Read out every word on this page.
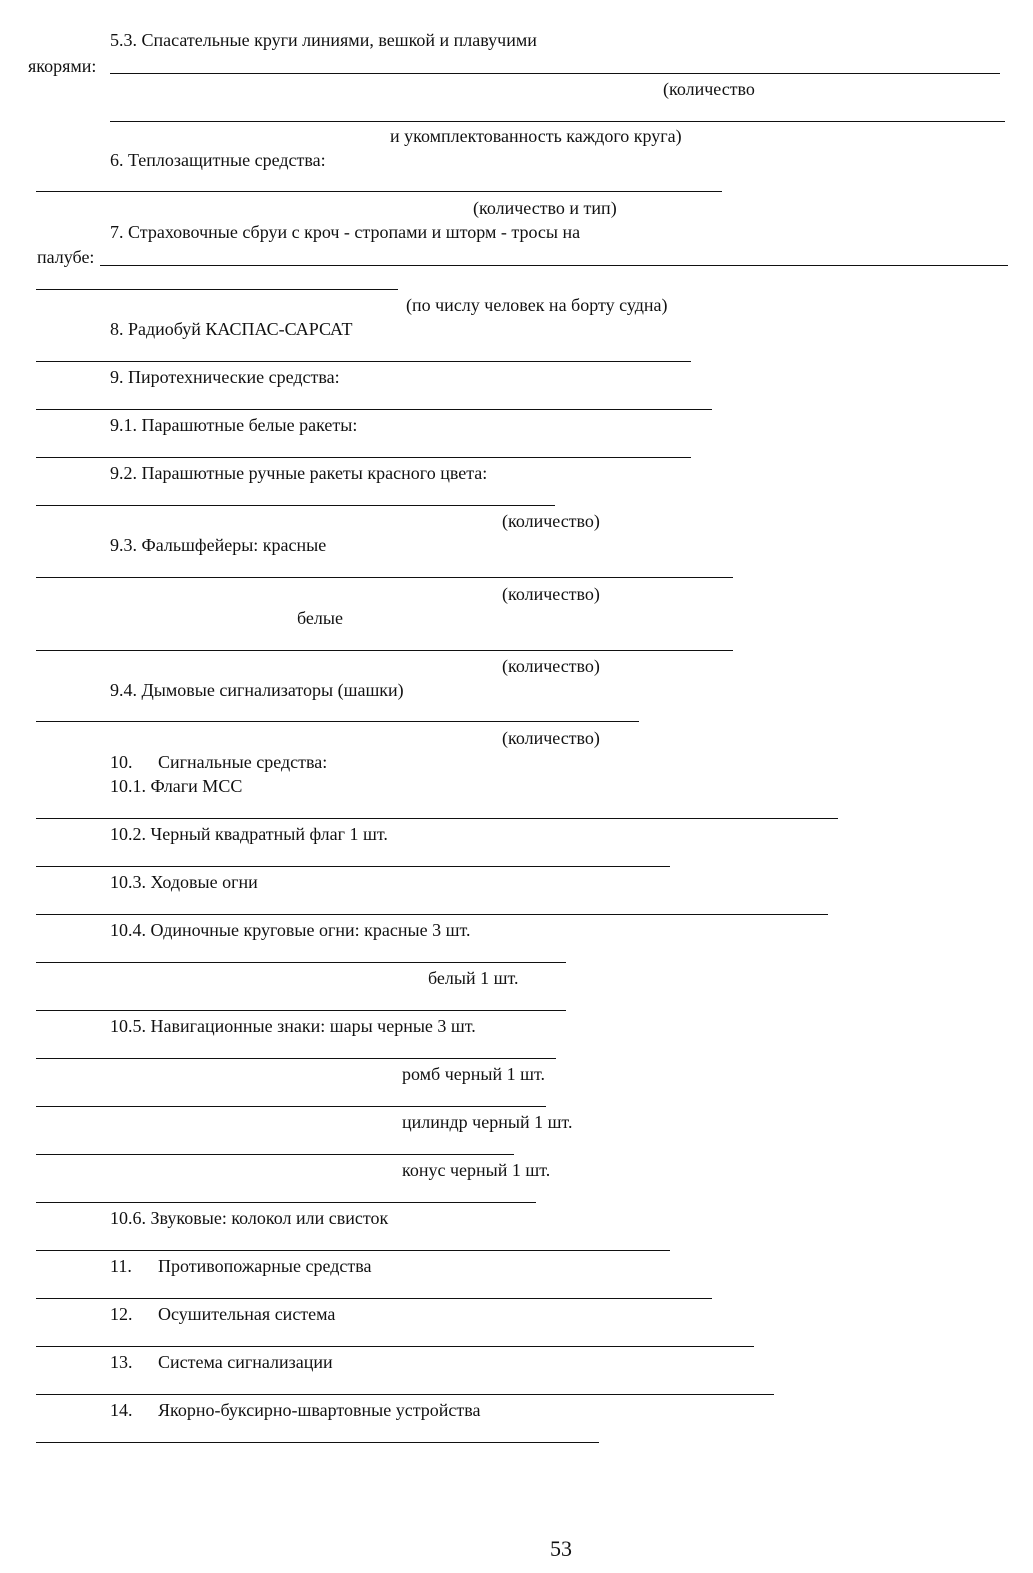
5.3. Спасательные круги линиями, вешкой и плавучими
якорями:
(количество
и укомплектованность каждого круга)
6. Теплозащитные средства:
(количество и тип)
7. Страховочные сбруи с кроч - стропами и шторм - тросы на
палубе:
(по числу человек на борту судна)
8. Радиобуй КАСПАС-САРСАТ
9. Пиротехнические средства:
9.1. Парашютные белые ракеты:
9.2. Парашютные ручные ракеты красного цвета:
(количество)
9.3. Фальшфейеры: красные
(количество)
белые
(количество)
9.4. Дымовые сигнализаторы (шашки)
(количество)
10. Сигнальные средства:
10.1. Флаги МСС
10.2. Черный квадратный флаг 1 шт.
10.3. Ходовые огни
10.4. Одиночные круговые огни: красные 3 шт.
белый 1 шт.
10.5. Навигационные знаки: шары черные 3 шт.
ромб черный 1 шт.
цилиндр черный 1 шт.
конус черный 1 шт.
10.6. Звуковые: колокол или свисток
11. Противопожарные средства
12. Осушительная система
13. Система сигнализации
14. Якорно-буксирно-швартовные устройства
53
